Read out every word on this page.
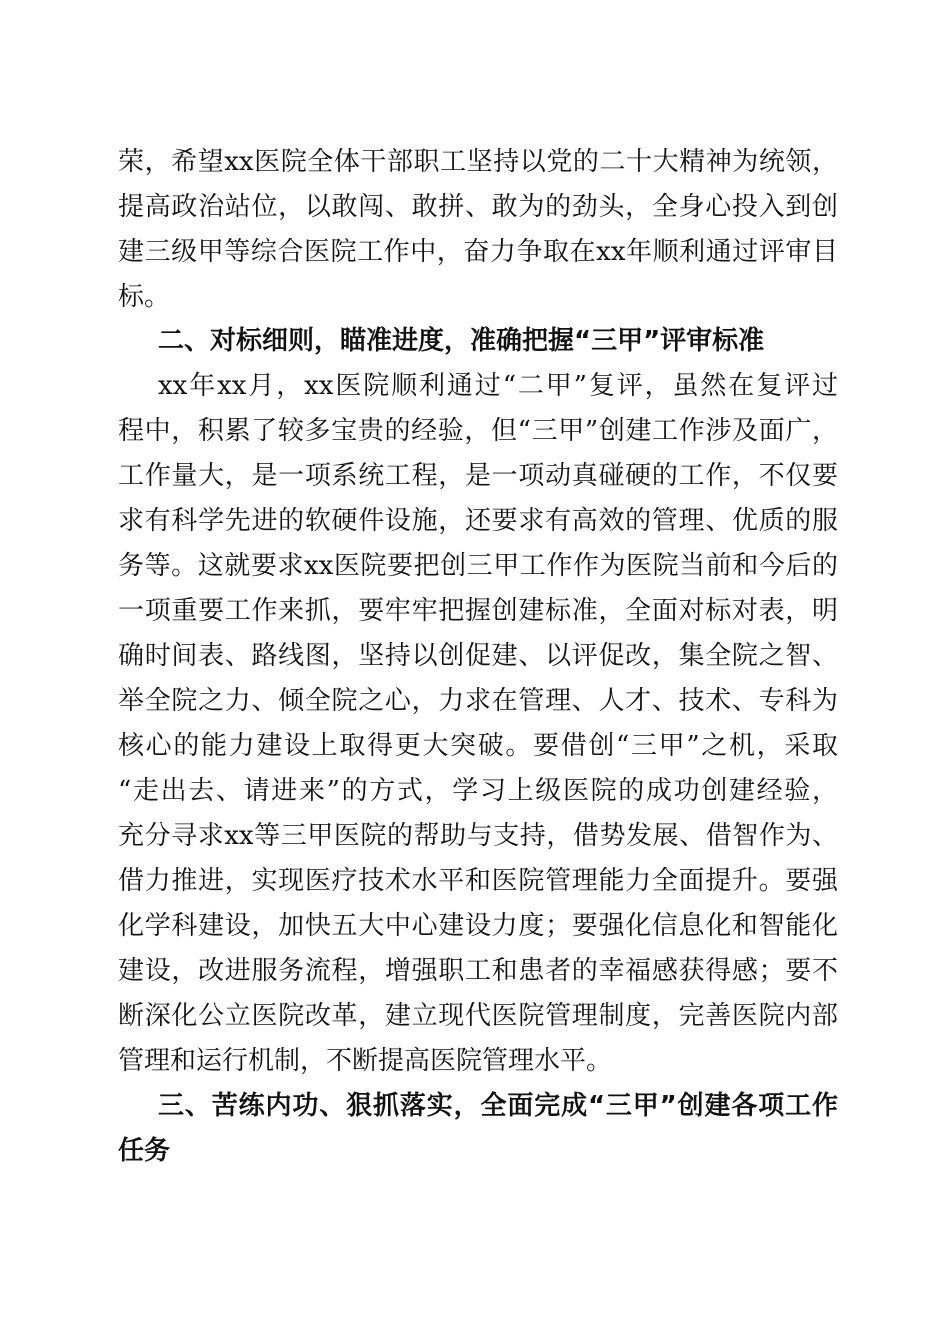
荣，希望xx医院全体干部职工坚持以党的二十大精神为统领，
提高政治站位，以敢闯、敢拼、敢为的劲头，全身心投入到创
建三级甲等综合医院工作中，奋力争取在xx年顺利通过评审目
标。
二、对标细则，瞄准进度，准确把握“三甲”评审标准
xx年xx月，xx医院顺利通过“二甲”复评，虽然在复评过
程中，积累了较多宝贵的经验，但“三甲”创建工作涉及面广，
工作量大，是一项系统工程，是一项动真碰硬的工作，不仅要
求有科学先进的软硬件设施，还要求有高效的管理、优质的服
务等。这就要求xx医院要把创三甲工作作为医院当前和今后的
一项重要工作来抓，要牢牢把握创建标准，全面对标对表，明
确时间表、路线图，坚持以创促建、以评促改，集全院之智、
举全院之力、倾全院之心，力求在管理、人才、技术、专科为
核心的能力建设上取得更大突破。要借创“三甲”之机，采取
“走出去、请进来”的方式，学习上级医院的成功创建经验，
充分寻求xx等三甲医院的帮助与支持，借势发展、借智作为、
借力推进，实现医疗技术水平和医院管理能力全面提升。要强
化学科建设，加快五大中心建设力度；要强化信息化和智能化
建设，改进服务流程，增强职工和患者的幸福感获得感；要不
断深化公立医院改革，建立现代医院管理制度，完善医院内部
管理和运行机制，不断提高医院管理水平。
三、苦练内功、狠抓落实，全面完成“三甲”创建各项工作
任务
